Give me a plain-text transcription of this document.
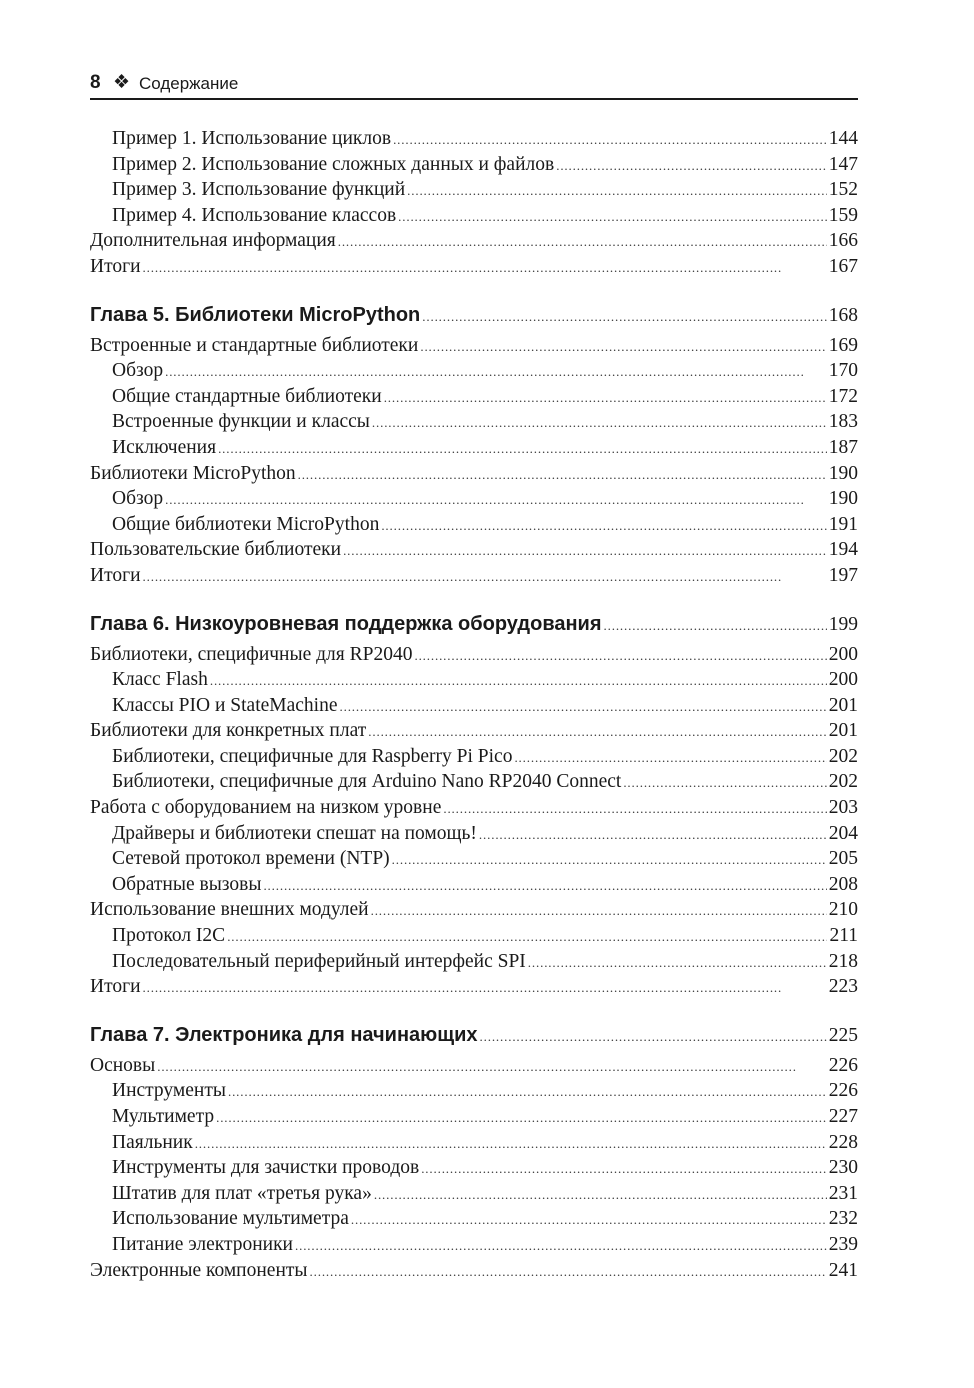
8 ❖ Содержание
Пример 1. Использование циклов . . .	144
Пример 2. Использование сложных данных и файлов . . .	147
Пример 3. Использование функций . . .	152
Пример 4. Использование классов . . .	159
Дополнительная информация . . .	166
Итоги . . .	167
Глава 5. Библиотеки MicroPython . . .	168
Встроенные и стандартные библиотеки . . .	169
Обзор . . .	170
Общие стандартные библиотеки . . .	172
Встроенные функции и классы . . .	183
Исключения . . .	187
Библиотеки MicroPython . . .	190
Обзор . . .	190
Общие библиотеки MicroPython . . .	191
Пользовательские библиотеки . . .	194
Итоги . . .	197
Глава 6. Низкоуровневая поддержка оборудования . . .	199
Библиотеки, специфичные для RP2040 . . .	200
Класс Flash . . .	200
Классы PIO и StateMachine . . .	201
Библиотеки для конкретных плат . . .	201
Библиотеки, специфичные для Raspberry Pi Pico . . .	202
Библиотеки, специфичные для Arduino Nano RP2040 Connect . . .	202
Работа с оборудованием на низком уровне . . .	203
Драйверы и библиотеки спешат на помощь! . . .	204
Сетевой протокол времени (NTP) . . .	205
Обратные вызовы . . .	208
Использование внешних модулей . . .	210
Протокол I2C . . .	211
Последовательный периферийный интерфейс SPI . . .	218
Итоги . . .	223
Глава 7. Электроника для начинающих . . .	225
Основы . . .	226
Инструменты . . .	226
Мультиметр . . .	227
Паяльник . . .	228
Инструменты для зачистки проводов . . .	230
Штатив для плат «третья рука» . . .	231
Использование мультиметра . . .	232
Питание электроники . . .	239
Электронные компоненты . . .	241
